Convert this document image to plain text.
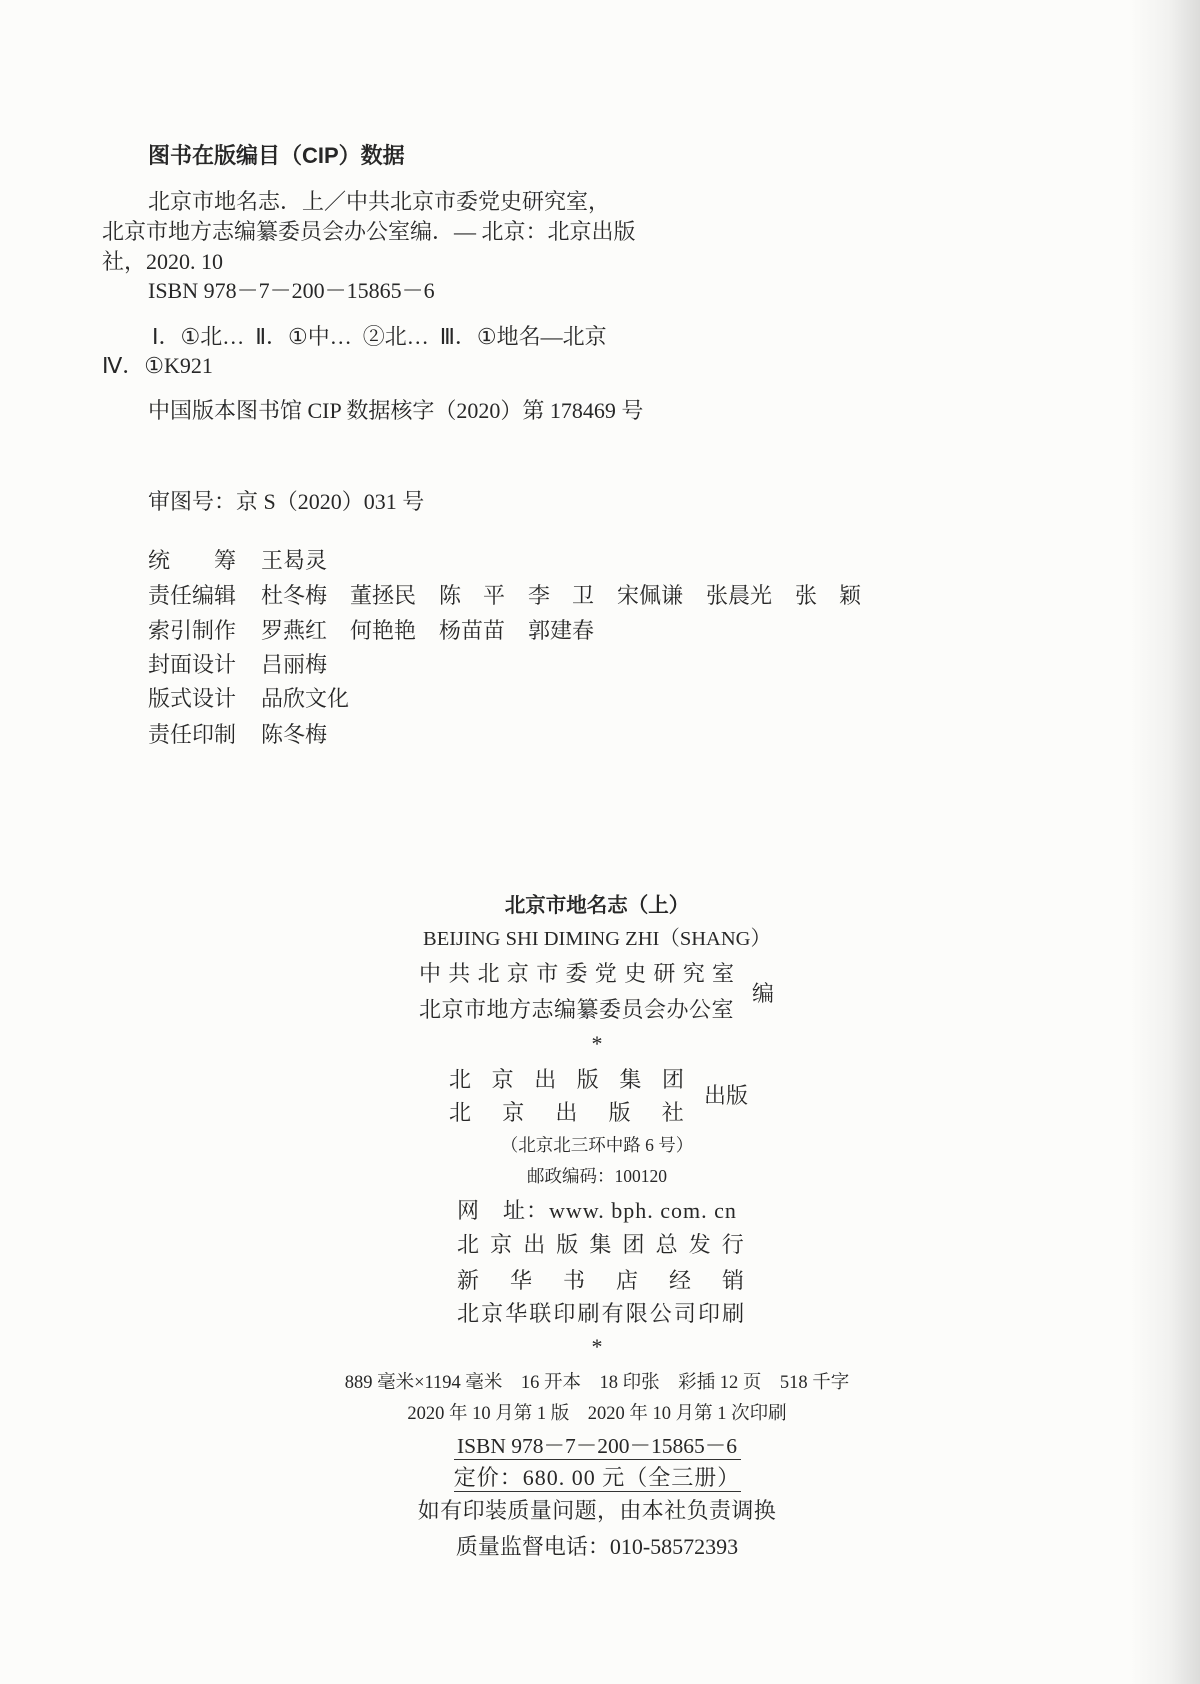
图书在版编目（CIP）数据
北京市地名志．上／中共北京市委党史研究室，
北京市地方志编纂委员会办公室编．— 北京：北京出版
社，2020. 10
ISBN 978－7－200－15865－6
Ⅰ．①北…  Ⅱ．①中…  ②北…  Ⅲ．①地名—北京
Ⅳ．①K921
中国版本图书馆 CIP 数据核字（2020）第 178469 号
审图号：京 S（2020）031 号
统　　筹 王曷灵
责任编辑 杜冬梅	董拯民	陈　平	李　卫	宋佩谦	张晨光	张　颖
索引制作 罗燕红	何艳艳	杨苗苗	郭建春
封面设计 吕丽梅
版式设计 品欣文化
责任印制 陈冬梅
北京市地名志（上）
BEIJING SHI DIMING ZHI（SHANG）
中共北京市委党史研究室
北京市地方志编纂委员会办公室
编
*
北京出版集团
北京出版社
出版
（北京北三环中路 6 号）
邮政编码：100120
网　址：www. bph. com. cn
北京出版集团总发行
新华书店经销
北京华联印刷有限公司印刷
*
889 毫米×1194 毫米　16 开本　18 印张　彩插 12 页　518 千字
2020 年 10 月第 1 版　2020 年 10 月第 1 次印刷
ISBN 978－7－200－15865－6
定价：680. 00 元（全三册）
如有印装质量问题，由本社负责调换
质量监督电话：010-58572393
